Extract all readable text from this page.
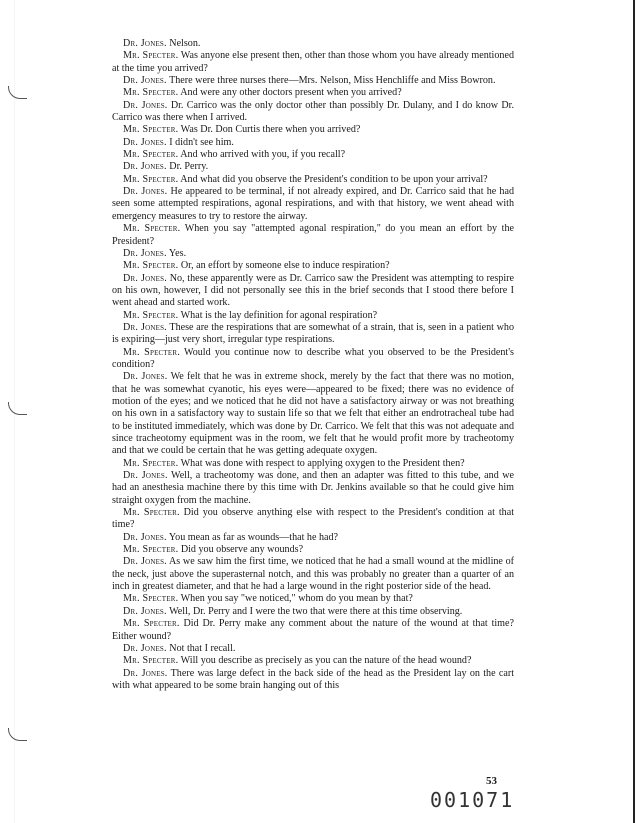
Dr. Jones. Nelson.

Mr. Specter. Was anyone else present then, other than those whom you have already mentioned at the time you arrived?

Dr. Jones. There were three nurses there—Mrs. Nelson, Miss Henchliffe and Miss Bowron.

Mr. Specter. And were any other doctors present when you arrived?

Dr. Jones. Dr. Carrico was the only doctor other than possibly Dr. Dulany, and I do know Dr. Carrico was there when I arrived.

Mr. Specter. Was Dr. Don Curtis there when you arrived?

Dr. Jones. I didn't see him.

Mr. Specter. And who arrived with you, if you recall?

Dr. Jones. Dr. Perry.

Mr. Specter. And what did you observe the President's condition to be upon your arrival?

Dr. Jones. He appeared to be terminal, if not already expired, and Dr. Carrico said that he had seen some attempted respirations, agonal respirations, and with that history, we went ahead with emergency measures to try to restore the airway.

Mr. Specter. When you say "attempted agonal respiration," do you mean an effort by the President?

Dr. Jones. Yes.

Mr. Specter. Or, an effort by someone else to induce respiration?

Dr. Jones. No, these apparently were as Dr. Carrico saw the President was attempting to respire on his own, however, I did not personally see this in the brief seconds that I stood there before I went ahead and started work.

Mr. Specter. What is the lay definition for agonal respiration?

Dr. Jones. These are the respirations that are somewhat of a strain, that is, seen in a patient who is expiring—just very short, irregular type respirations.

Mr. Specter. Would you continue now to describe what you observed to be the President's condition?

Dr. Jones. We felt that he was in extreme shock, merely by the fact that there was no motion, that he was somewhat cyanotic, his eyes were—appeared to be fixed; there was no evidence of motion of the eyes; and we noticed that he did not have a satisfactory airway or was not breathing on his own in a satisfactory way to sustain life so that we felt that either an endrotracheal tube had to be instituted immediately, which was done by Dr. Carrico. We felt that this was not adequate and since tracheotomy equipment was in the room, we felt that he would profit more by tracheotomy and that we could be certain that he was getting adequate oxygen.

Mr. Specter. What was done with respect to applying oxygen to the President then?

Dr. Jones. Well, a tracheotomy was done, and then an adapter was fitted to this tube, and we had an anesthesia machine there by this time with Dr. Jenkins available so that he could give him straight oxygen from the machine.

Mr. Specter. Did you observe anything else with respect to the President's condition at that time?

Dr. Jones. You mean as far as wounds—that he had?

Mr. Specter. Did you observe any wounds?

Dr. Jones. As we saw him the first time, we noticed that he had a small wound at the midline of the neck, just above the superasternal notch, and this was probably no greater than a quarter of an inch in greatest diameter, and that he had a large wound in the right posterior side of the head.

Mr. Specter. When you say "we noticed," whom do you mean by that?

Dr. Jones. Well, Dr. Perry and I were the two that were there at this time observing.

Mr. Specter. Did Dr. Perry make any comment about the nature of the wound at that time? Either wound?

Dr. Jones. Not that I recall.

Mr. Specter. Will you describe as precisely as you can the nature of the head wound?

Dr. Jones. There was large defect in the back side of the head as the President lay on the cart with what appeared to be some brain hanging out of this

53
001071
